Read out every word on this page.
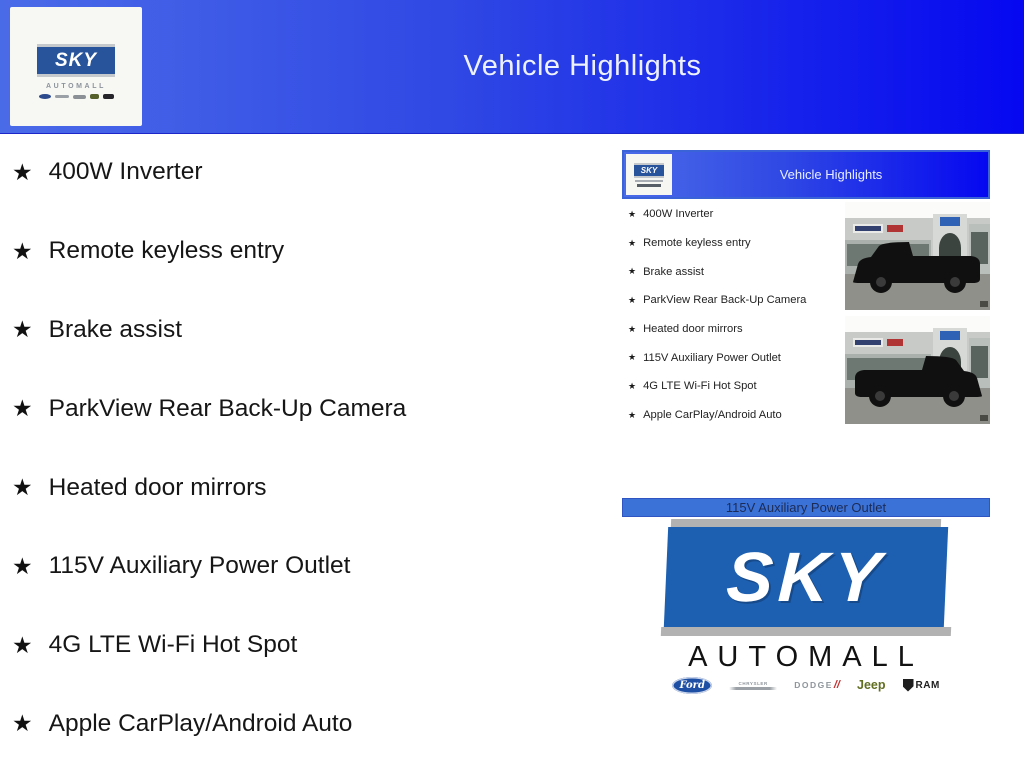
Vehicle Highlights
SKY
AUTOMALL
★ 400W Inverter
★ Remote keyless entry
★ Brake assist
★ ParkView Rear Back-Up Camera
★ Heated door mirrors
★ 115V Auxiliary Power Outlet
★ 4G LTE Wi-Fi Hot Spot
★ Apple CarPlay/Android Auto
SKY	Vehicle Highlights
★ 400W Inverter
★ Remote keyless entry
★ Brake assist
★ ParkView Rear Back-Up Camera
★ Heated door mirrors
★ 115V Auxiliary Power Outlet
★ 4G LTE Wi-Fi Hot Spot
★ Apple CarPlay/Android Auto
115V Auxiliary Power Outlet
SKY
AUTOMALL
Ford	CHRYSLER	DODGE // Jeep	RAM
